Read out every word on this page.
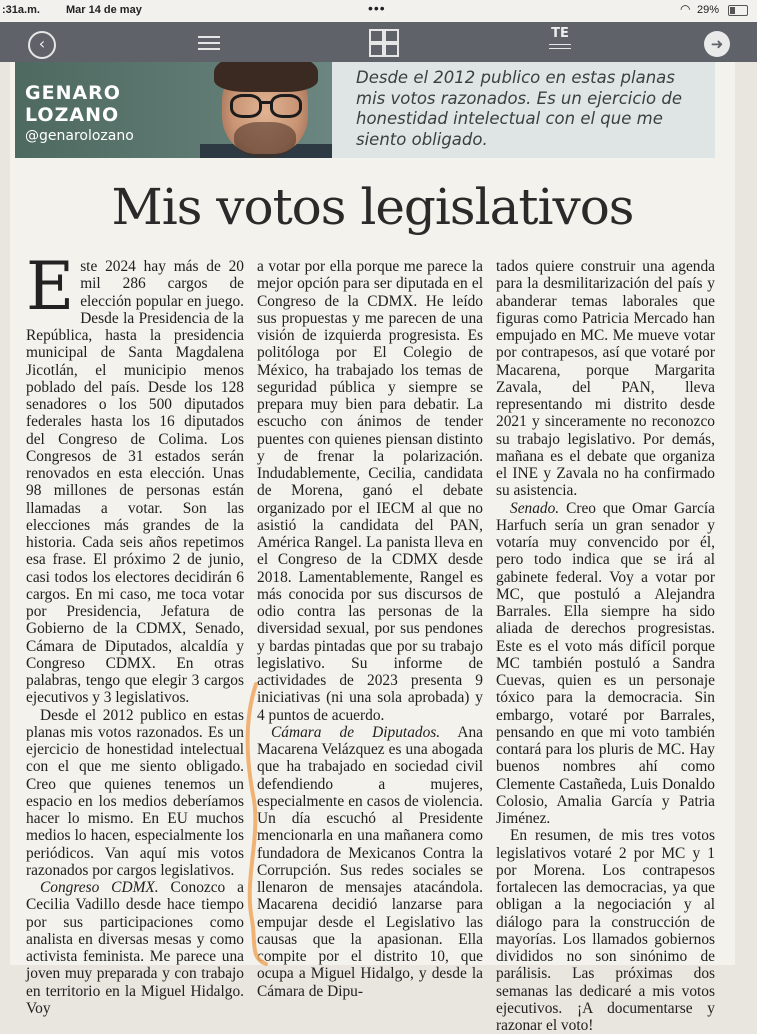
:31a.m. Mar 14 de may	•••	◠ 29%
‹
TE
➜
GENARO
LOZANO
@genarolozano
Desde el 2012 publico en estas planas mis votos razonados. Es un ejercicio de honestidad intelectual con el que me siento obligado.
Mis votos legislativos

Este 2024 hay más de 20 mil 286 cargos de elección popular en juego. Desde la Presidencia de la República, hasta la presidencia municipal de Santa Magdalena Jicotlán, el municipio menos poblado del país. Desde los 128 senadores o los 500 diputados federales hasta los 16 diputados del Congreso de Colima. Los Congresos de 31 estados serán renovados en esta elección. Unas 98 millones de personas están llamadas a votar. Son las elecciones más grandes de la historia. Cada seis años repetimos esa frase. El próximo 2 de junio, casi todos los electores decidirán 6 cargos. En mi caso, me toca votar por Presidencia, Jefatura de Gobierno de la CDMX, Senado, Cámara de Diputados, alcaldía y Congreso CDMX. En otras palabras, tengo que elegir 3 cargos ejecutivos y 3 legislativos.

Desde el 2012 publico en estas planas mis votos razonados. Es un ejercicio de honestidad intelectual con el que me siento obligado. Creo que quienes tenemos un espacio en los medios deberíamos hacer lo mismo. En EU muchos medios lo hacen, especialmente los periódicos. Van aquí mis votos razonados por cargos legislativos.

Congreso CDMX. Conozco a Cecilia Vadillo desde hace tiempo por sus participaciones como analista en diversas mesas y como activista feminista. Me parece una joven muy preparada y con trabajo en territorio en la Miguel Hidalgo. Voy

a votar por ella porque me parece la mejor opción para ser diputada en el Congreso de la CDMX. He leído sus propuestas y me parecen de una visión de izquierda progresista. Es politóloga por El Colegio de México, ha trabajado los temas de seguridad pública y siempre se prepara muy bien para debatir. La escucho con ánimos de tender puentes con quienes piensan distinto y de frenar la polarización. Indudablemente, Cecilia, candidata de Morena, ganó el debate organizado por el IECM al que no asistió la candidata del PAN, América Rangel. La panista lleva en el Congreso de la CDMX desde 2018. Lamentablemente, Rangel es más conocida por sus discursos de odio contra las personas de la diversidad sexual, por sus pendones y bardas pintadas que por su trabajo legislativo. Su informe de actividades de 2023 presenta 9 iniciativas (ni una sola aprobada) y 4 puntos de acuerdo.

Cámara de Diputados. Ana Macarena Velázquez es una abogada que ha trabajado en sociedad civil defendiendo a mujeres, especialmente en casos de violencia. Un día escuchó al Presidente mencionarla en una mañanera como fundadora de Mexicanos Contra la Corrupción. Sus redes sociales se llenaron de mensajes atacándola. Macarena decidió lanzarse para empujar desde el Legislativo las causas que la apasionan. Ella compite por el distrito 10, que ocupa a Miguel Hidalgo, y desde la Cámara de Dipu-

tados quiere construir una agenda para la desmilitarización del país y abanderar temas laborales que figuras como Patricia Mercado han empujado en MC. Me mueve votar por contrapesos, así que votaré por Macarena, porque Margarita Zavala, del PAN, lleva representando mi distrito desde 2021 y sinceramente no reconozco su trabajo legislativo. Por demás, mañana es el debate que organiza el INE y Zavala no ha confirmado su asistencia.

Senado. Creo que Omar García Harfuch sería un gran senador y votaría muy convencido por él, pero todo indica que se irá al gabinete federal. Voy a votar por MC, que postuló a Alejandra Barrales. Ella siempre ha sido aliada de derechos progresistas. Este es el voto más difícil porque MC también postuló a Sandra Cuevas, quien es un personaje tóxico para la democracia. Sin embargo, votaré por Barrales, pensando en que mi voto también contará para los pluris de MC. Hay buenos nombres ahí como Clemente Castañeda, Luis Donaldo Colosio, Amalia García y Patria Jiménez.

En resumen, de mis tres votos legislativos votaré 2 por MC y 1 por Morena. Los contrapesos fortalecen las democracias, ya que obligan a la negociación y al diálogo para la construcción de mayorías. Los llamados gobiernos divididos no son sinónimo de parálisis. Las próximas dos semanas las dedicaré a mis votos ejecutivos. ¡A documentarse y razonar el voto!
